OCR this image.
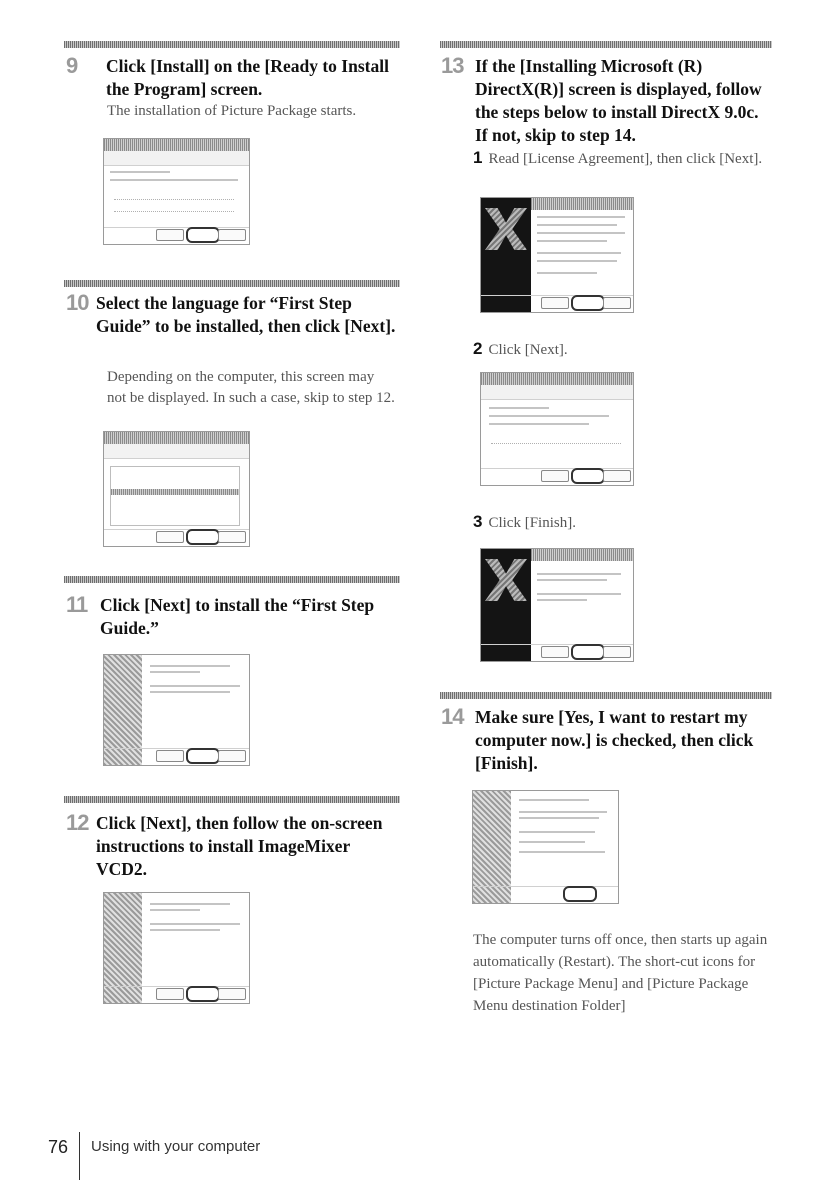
9 Click [Install] on the [Ready to Install the Program] screen.
The installation of Picture Package starts.
10 Select the language for “First Step Guide” to be installed, then click [Next].
Depending on the computer, this screen may not be displayed. In such a case, skip to step 12.
11 Click [Next] to install the “First Step Guide.”
12 Click [Next], then follow the on-screen instructions to install ImageMixer VCD2.
13 If the [Installing Microsoft (R) DirectX(R)] screen is displayed, follow the steps below to install DirectX 9.0c. If not, skip to step 14.
1 Read [License Agreement], then click [Next].
2 Click [Next].
3 Click [Finish].
14 Make sure [Yes, I want to restart my computer now.] is checked, then click [Finish].
The computer turns off once, then starts up again automatically (Restart). The short-cut icons for [Picture Package Menu] and [Picture Package Menu destination Folder]
76 Using with your computer
